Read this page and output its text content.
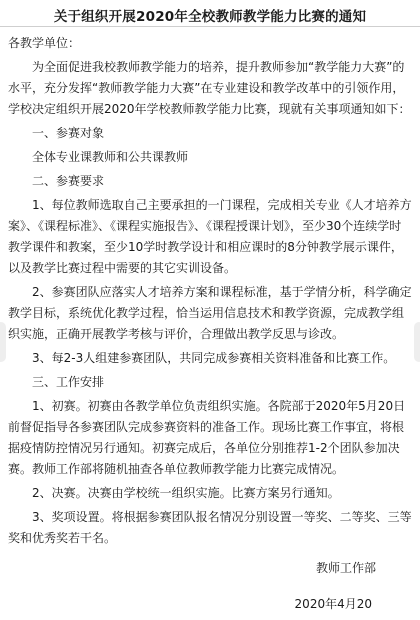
关于组织开展2020年全校教师教学能力比赛的通知

各教学单位：

为全面促进我校教师教学能力的培养，提升教师参加“教学能力大赛”的水平，充分发挥“教师教学能力大赛”在专业建设和教学改革中的引领作用，学校决定组织开展2020年学校教师教学能力比赛，现就有关事项通知如下：

一、参赛对象

全体专业课教师和公共课教师

二、参赛要求

1、每位教师选取自己主要承担的一门课程，完成相关专业《人才培养方案》、《课程标准》、《课程实施报告》、《课程授课计划》，至少30个连续学时教学课件和教案，至少10学时教学设计和相应课时的8分钟教学展示课件，以及教学比赛过程中需要的其它实训设备。

2、参赛团队应落实人才培养方案和课程标准，基于学情分析，科学确定教学目标，系统优化教学过程，恰当运用信息技术和教学资源，完成教学组织实施，正确开展教学考核与评价，合理做出教学反思与诊改。

3、每2-3人组建参赛团队，共同完成参赛相关资料准备和比赛工作。

三、工作安排

1、初赛。初赛由各教学单位负责组织实施。各院部于2020年5月20日前督促指导各参赛团队完成参赛资料的准备工作。现场比赛工作事宜，将根据疫情防控情况另行通知。初赛完成后，各单位分别推荐1-2个团队参加决赛。教师工作部将随机抽查各单位教师教学能力比赛完成情况。

2、决赛。决赛由学校统一组织实施。比赛方案另行通知。

3、奖项设置。将根据参赛团队报名情况分别设置一等奖、二等奖、三等奖和优秀奖若干名。

教师工作部
2020年4月20
